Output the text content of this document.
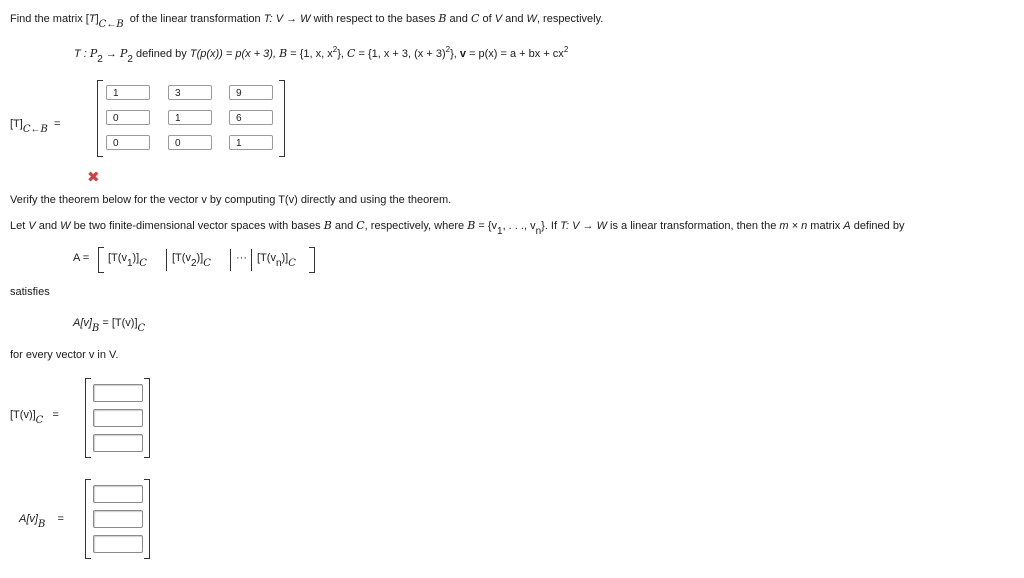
Find the matrix [T]C←B of the linear transformation T: V → W with respect to the bases B and C of V and W, respectively.
T : P2 → P2 defined by T(p(x)) = p(x + 3), B = {1, x, $x^2$}, C = {1, x + 3, $(x + 3)^2$}, v = p(x) = a + bx + $cx^2$
[T]C←B =
1	3	9
0	1	6
0	0	1
✖
Verify the theorem below for the vector v by computing T(v) directly and using the theorem.
Let V and W be two finite-dimensional vector spaces with bases B and C, respectively, where B = {v1, . . ., vn}. If T: V → W is a linear transformation, then the m × n matrix A defined by
A = [T(v1)]C [T(v2)]C ··· [T(vn)]C
satisfies
A[v]B = [T(v)]C
for every vector v in V.
[T(v)]C =
A[v]B =
